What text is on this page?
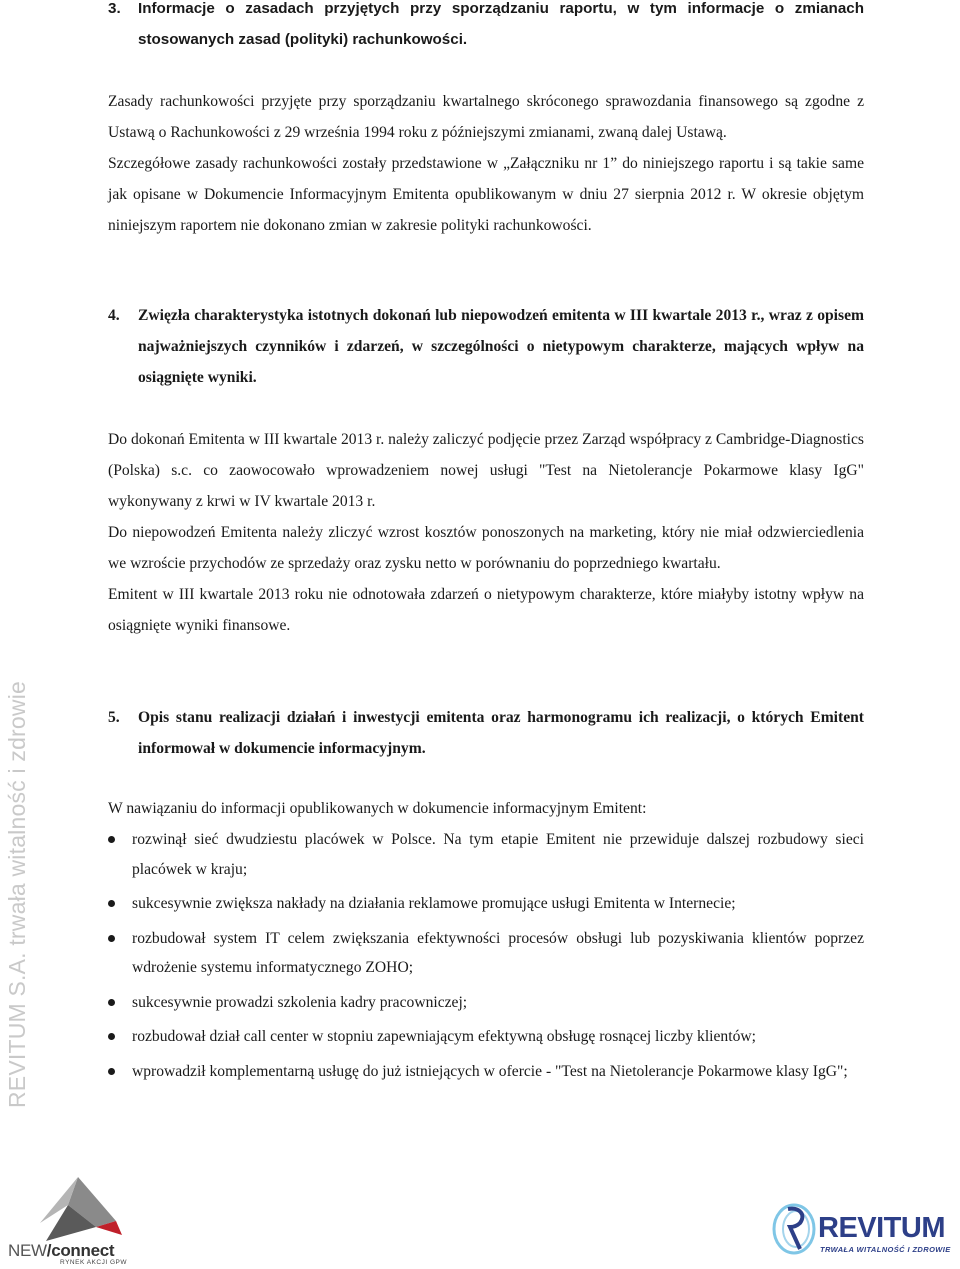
REVITUM S.A. trwała witalność i zdrowie

3. Informacje o zasadach przyjętych przy sporządzaniu raportu, w tym informacje o zmianach stosowanych zasad (polityki) rachunkowości.

Zasady rachunkowości przyjęte przy sporządzaniu kwartalnego skróconego sprawozdania finansowego są zgodne z Ustawą o Rachunkowości z 29 września 1994 roku z późniejszymi zmianami, zwaną dalej Ustawą.

Szczegółowe zasady rachunkowości zostały przedstawione w „Załączniku nr 1” do niniejszego raportu i są takie same jak opisane w Dokumencie Informacyjnym Emitenta opublikowanym w dniu 27 sierpnia 2012 r. W okresie objętym niniejszym raportem nie dokonano zmian w zakresie polityki rachunkowości.

4. Zwięzła charakterystyka istotnych dokonań lub niepowodzeń emitenta w III kwartale 2013 r., wraz z opisem najważniejszych czynników i zdarzeń, w szczególności o nietypowym charakterze, mających wpływ na osiągnięte wyniki.

Do dokonań Emitenta w III kwartale 2013 r. należy zaliczyć podjęcie przez Zarząd współpracy z Cambridge-Diagnostics (Polska) s.c. co zaowocowało wprowadzeniem nowej usługi "Test na Nietolerancje Pokarmowe klasy IgG" wykonywany z krwi w IV kwartale 2013 r.

Do niepowodzeń Emitenta należy zliczyć wzrost kosztów ponoszonych na marketing, który nie miał odzwierciedlenia we wzroście przychodów ze sprzedaży oraz zysku netto w porównaniu do poprzedniego kwartału.

Emitent w III kwartale 2013 roku nie odnotowała zdarzeń o nietypowym charakterze, które miałyby istotny wpływ na osiągnięte wyniki finansowe.

5. Opis stanu realizacji działań i inwestycji emitenta oraz harmonogramu ich realizacji, o których Emitent informował w dokumencie informacyjnym.

W nawiązaniu do informacji opublikowanych w dokumencie informacyjnym Emitent:

rozwinął sieć dwudziestu placówek w Polsce. Na tym etapie Emitent nie przewiduje dalszej rozbudowy sieci placówek w kraju;
sukcesywnie zwiększa nakłady na działania reklamowe promujące usługi Emitenta w Internecie;
rozbudował system IT celem zwiększania efektywności procesów obsługi lub pozyskiwania klientów poprzez wdrożenie systemu informatycznego ZOHO;
sukcesywnie prowadzi szkolenia kadry pracowniczej;
rozbudował dział call center w stopniu zapewniającym efektywną obsługę rosnącej liczby klientów;
wprowadził komplementarną usługę do już istniejących w ofercie - "Test na Nietolerancje Pokarmowe klasy IgG";
NEW/connect
RYNEK AKCJI GPW
REVITUM
TRWAŁA WITALNOŚĆ I ZDROWIE
